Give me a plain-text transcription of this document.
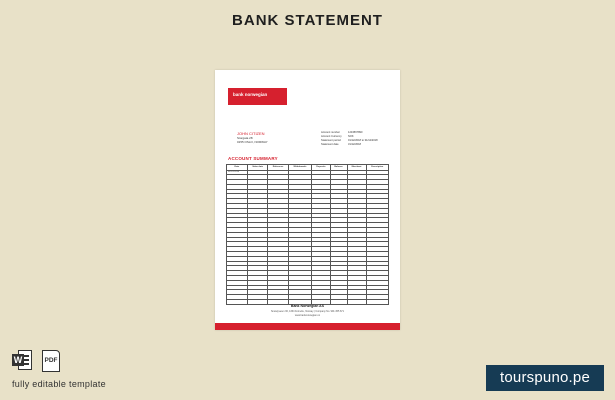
BANK STATEMENT
bank norwegian
JOHN CITIZEN
Storgata 28
0155 OSLO, NORWAY
Account number	1234567890
Account Currency	NOK
Statement period	01/12/2018 to 31/12/2018
Statement date	31/12/2018
ACCOUNT SUMMARY
Date	Value date	Reference	Withdrawals	Deposits	Balance	Merchant	Description
01/12/2018							

Bank Norwegian AS
Snarøyveien 36, 1364 Fornebu, Norway | Company No. 991 455 671
www.banknorwegian.no
W	PDF
fully editable template	tourspuno.pe
